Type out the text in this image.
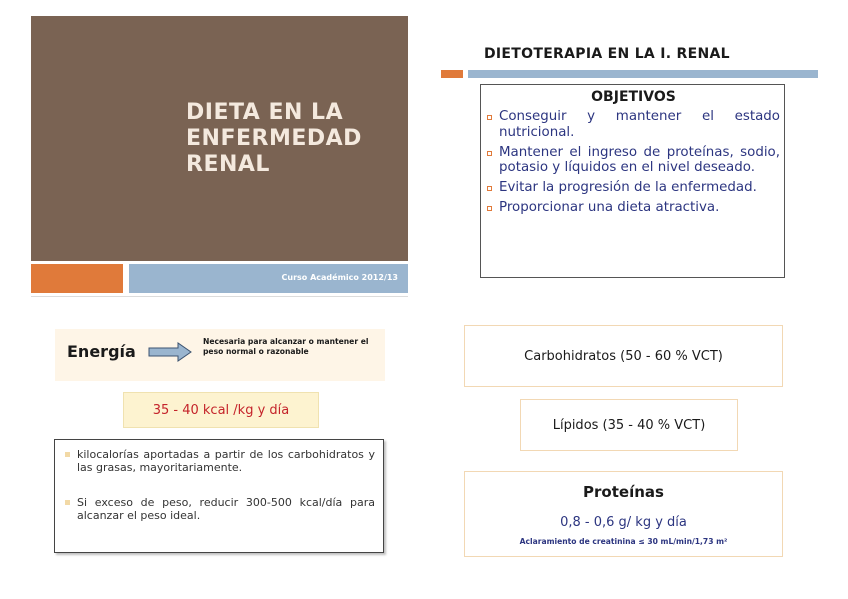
DIETA EN LA
ENFERMEDAD
RENAL
Curso Académico 2012/13
DIETOTERAPIA EN LA I. RENAL
OBJETIVOS
Conseguir y mantener el estado nutricional.
Mantener el ingreso de proteínas, sodio, potasio y líquidos en el nivel deseado.
Evitar la progresión de la enfermedad.
Proporcionar una dieta atractiva.
Energía
Necesaria para alcanzar o mantener el peso normal o razonable
35 - 40 kcal /kg y día
kilocalorías aportadas a partir de los carbohidratos y las grasas, mayoritariamente.
Si exceso de peso, reducir 300-500 kcal/día para alcanzar el peso ideal.
Carbohidratos (50 - 60 % VCT)
Lípidos (35 - 40 % VCT)
Proteínas
0,8 - 0,6 g/ kg y día
Aclaramiento de creatinina ≤ 30 mL/min/1,73 m²
